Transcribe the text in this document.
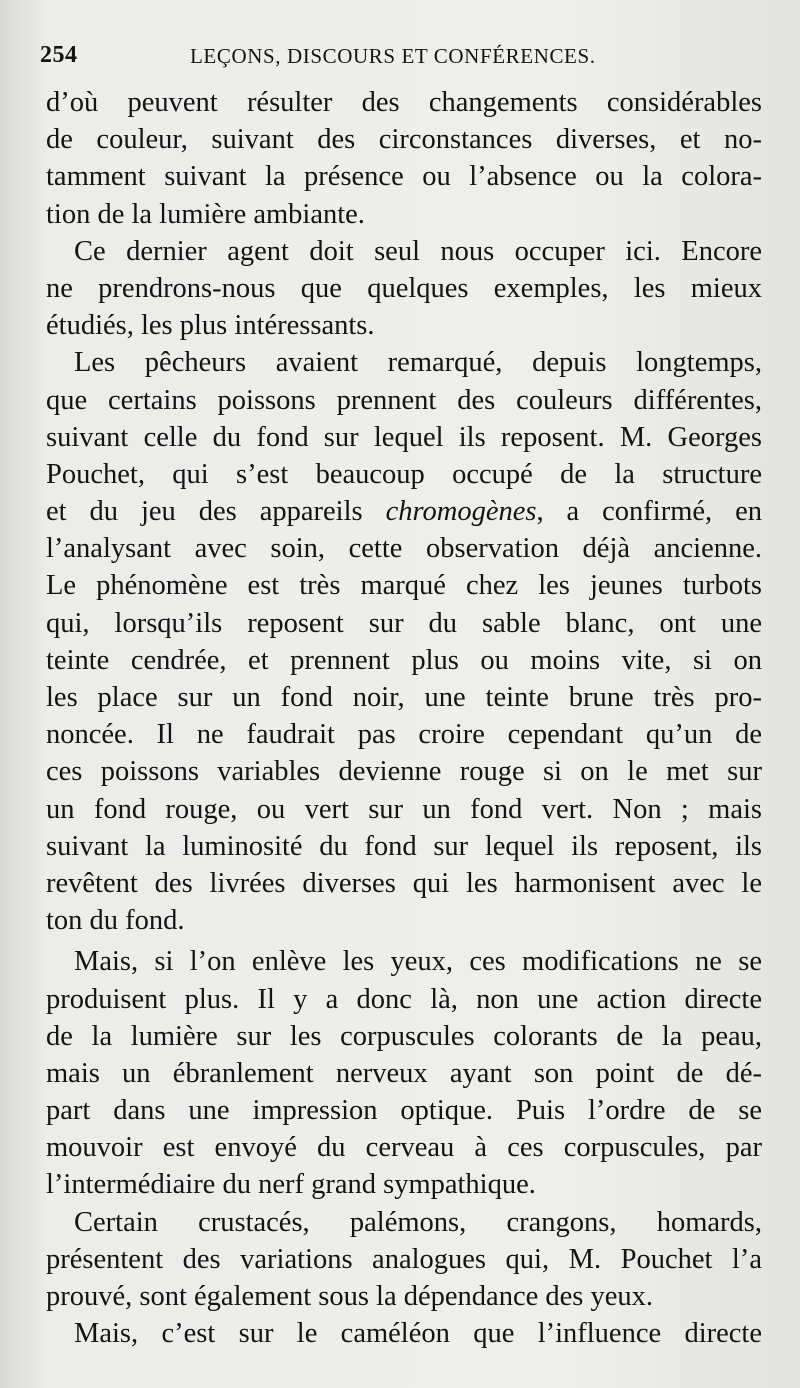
254	LEÇONS, DISCOURS ET CONFÉRENCES.
d’où peuvent résulter des changements considérables
de couleur, suivant des circonstances diverses, et no-
tamment suivant la présence ou l’absence ou la colora-
tion de la lumière ambiante.
Ce dernier agent doit seul nous occuper ici. Encore
ne prendrons-nous que quelques exemples, les mieux
étudiés, les plus intéressants.
Les pêcheurs avaient remarqué, depuis longtemps,
que certains poissons prennent des couleurs différentes,
suivant celle du fond sur lequel ils reposent. M. Georges
Pouchet, qui s’est beaucoup occupé de la structure
et du jeu des appareils chromogènes, a confirmé, en
l’analysant avec soin, cette observation déjà ancienne.
Le phénomène est très marqué chez les jeunes turbots
qui, lorsqu’ils reposent sur du sable blanc, ont une
teinte cendrée, et prennent plus ou moins vite, si on
les place sur un fond noir, une teinte brune très pro-
noncée. Il ne faudrait pas croire cependant qu’un de
ces poissons variables devienne rouge si on le met sur
un fond rouge, ou vert sur un fond vert. Non ; mais
suivant la luminosité du fond sur lequel ils reposent, ils
revêtent des livrées diverses qui les harmonisent avec le
ton du fond.
Mais, si l’on enlève les yeux, ces modifications ne se
produisent plus. Il y a donc là, non une action directe
de la lumière sur les corpuscules colorants de la peau,
mais un ébranlement nerveux ayant son point de dé-
part dans une impression optique. Puis l’ordre de se
mouvoir est envoyé du cerveau à ces corpuscules, par
l’intermédiaire du nerf grand sympathique.
Certain crustacés, palémons, crangons, homards,
présentent des variations analogues qui, M. Pouchet l’a
prouvé, sont également sous la dépendance des yeux.
Mais, c’est sur le caméléon que l’influence directe
